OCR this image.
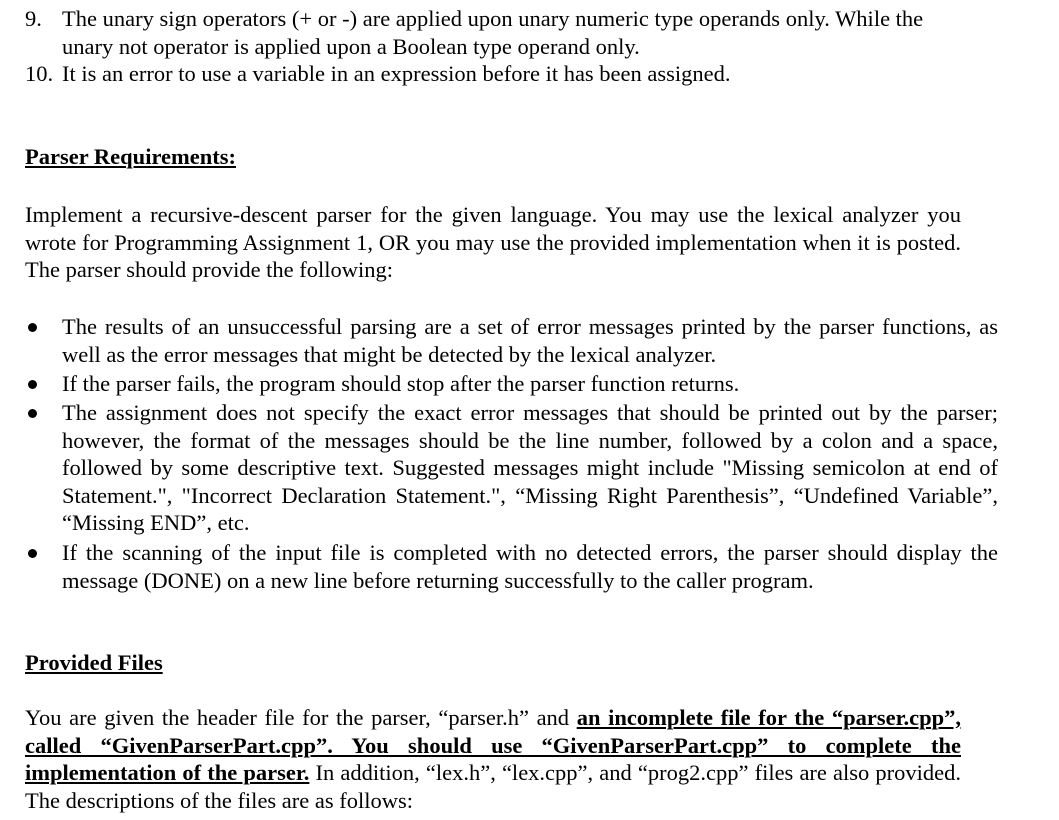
9. The unary sign operators (+ or -) are applied upon unary numeric type operands only. While the unary not operator is applied upon a Boolean type operand only.
10. It is an error to use a variable in an expression before it has been assigned.
Parser Requirements:
Implement a recursive-descent parser for the given language. You may use the lexical analyzer you wrote for Programming Assignment 1, OR you may use the provided implementation when it is posted. The parser should provide the following:
The results of an unsuccessful parsing are a set of error messages printed by the parser functions, as well as the error messages that might be detected by the lexical analyzer.
If the parser fails, the program should stop after the parser function returns.
The assignment does not specify the exact error messages that should be printed out by the parser; however, the format of the messages should be the line number, followed by a colon and a space, followed by some descriptive text. Suggested messages might include "Missing semicolon at end of Statement.", "Incorrect Declaration Statement.", “Missing Right Parenthesis”, “Undefined Variable”, “Missing END”, etc.
If the scanning of the input file is completed with no detected errors, the parser should display the message (DONE) on a new line before returning successfully to the caller program.
Provided Files
You are given the header file for the parser, “parser.h” and an incomplete file for the “parser.cpp”, called “GivenParserPart.cpp”. You should use “GivenParserPart.cpp” to complete the implementation of the parser. In addition, “lex.h”, “lex.cpp”, and “prog2.cpp” files are also provided. The descriptions of the files are as follows:
